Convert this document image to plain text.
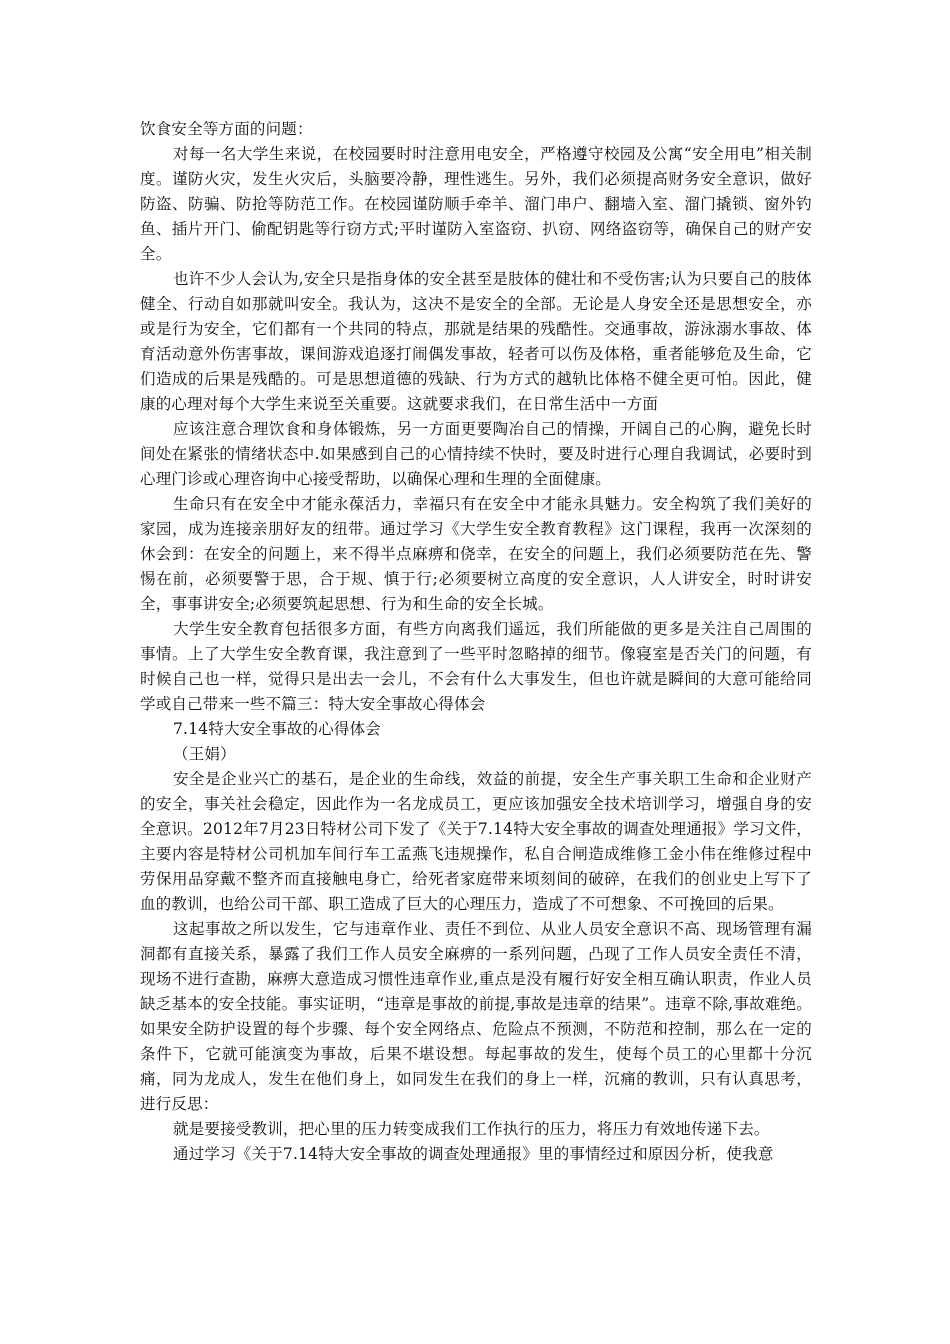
饮食安全等方面的问题：

对每一名大学生来说，在校园要时时注意用电安全，严格遵守校园及公寓“安全用电”相关制度。谨防火灾，发生火灾后，头脑要冷静，理性逃生。另外，我们必须提高财务安全意识，做好防盗、防骗、防抢等防范工作。在校园谨防顺手牵羊、溜门串户、翻墙入室、溜门撬锁、窗外钓鱼、插片开门、偷配钥匙等行窃方式;平时谨防入室盗窃、扒窃、网络盗窃等，确保自己的财产安全。

也许不少人会认为,安全只是指身体的安全甚至是肢体的健壮和不受伤害;认为只要自己的肢体健全、行动自如那就叫安全。我认为，这决不是安全的全部。无论是人身安全还是思想安全，亦或是行为安全，它们都有一个共同的特点，那就是结果的残酷性。交通事故，游泳溺水事故、体育活动意外伤害事故，课间游戏追逐打闹偶发事故，轻者可以伤及体格，重者能够危及生命，它们造成的后果是残酷的。可是思想道德的残缺、行为方式的越轨比体格不健全更可怕。因此，健康的心理对每个大学生来说至关重要。这就要求我们，在日常生活中一方面

应该注意合理饮食和身体锻炼，另一方面更要陶冶自己的情操，开阔自己的心胸，避免长时间处在紧张的情绪状态中.如果感到自己的心情持续不快时，要及时进行心理自我调试，必要时到心理门诊或心理咨询中心接受帮助，以确保心理和生理的全面健康。

生命只有在安全中才能永葆活力，幸福只有在安全中才能永具魅力。安全构筑了我们美好的家园，成为连接亲朋好友的纽带。通过学习《大学生安全教育教程》这门课程，我再一次深刻的休会到：在安全的问题上，来不得半点麻痹和侥幸，在安全的问题上，我们必须要防范在先、警惕在前，必须要警于思，合于规、慎于行;必须要树立高度的安全意识，人人讲安全，时时讲安全，事事讲安全;必须要筑起思想、行为和生命的安全长城。

大学生安全教育包括很多方面，有些方向离我们遥远，我们所能做的更多是关注自己周围的事情。上了大学生安全教育课，我注意到了一些平时忽略掉的细节。像寝室是否关门的问题，有时候自己也一样，觉得只是出去一会儿，不会有什么大事发生，但也许就是瞬间的大意可能给同学或自己带来一些不篇三：特大安全事故心得体会

7.14特大安全事故的心得体会

（王娟）

安全是企业兴亡的基石，是企业的生命线，效益的前提，安全生产事关职工生命和企业财产的安全，事关社会稳定，因此作为一名龙成员工，更应该加强安全技术培训学习，增强自身的安全意识。2012年7月23日特材公司下发了《关于7.14特大安全事故的调查处理通报》学习文件，主要内容是特材公司机加车间行车工孟燕飞违规操作，私自合闸造成维修工金小伟在维修过程中劳保用品穿戴不整齐而直接触电身亡，给死者家庭带来顷刻间的破碎，在我们的创业史上写下了血的教训，也给公司干部、职工造成了巨大的心理压力，造成了不可想象、不可挽回的后果。

这起事故之所以发生，它与违章作业、责任不到位、从业人员安全意识不高、现场管理有漏洞都有直接关系，暴露了我们工作人员安全麻痹的一系列问题，凸现了工作人员安全责任不清，现场不进行查勘，麻痹大意造成习惯性违章作业,重点是没有履行好安全相互确认职责，作业人员缺乏基本的安全技能。事实证明，“违章是事故的前提,事故是违章的结果”。违章不除,事故难绝。如果安全防护设置的每个步骤、每个安全网络点、危险点不预测，不防范和控制，那么在一定的条件下，它就可能演变为事故，后果不堪设想。每起事故的发生，使每个员工的心里都十分沉痛，同为龙成人，发生在他们身上，如同发生在我们的身上一样，沉痛的教训，只有认真思考，进行反思：

就是要接受教训，把心里的压力转变成我们工作执行的压力，将压力有效地传递下去。

通过学习《关于7.14特大安全事故的调查处理通报》里的事情经过和原因分析，使我意
